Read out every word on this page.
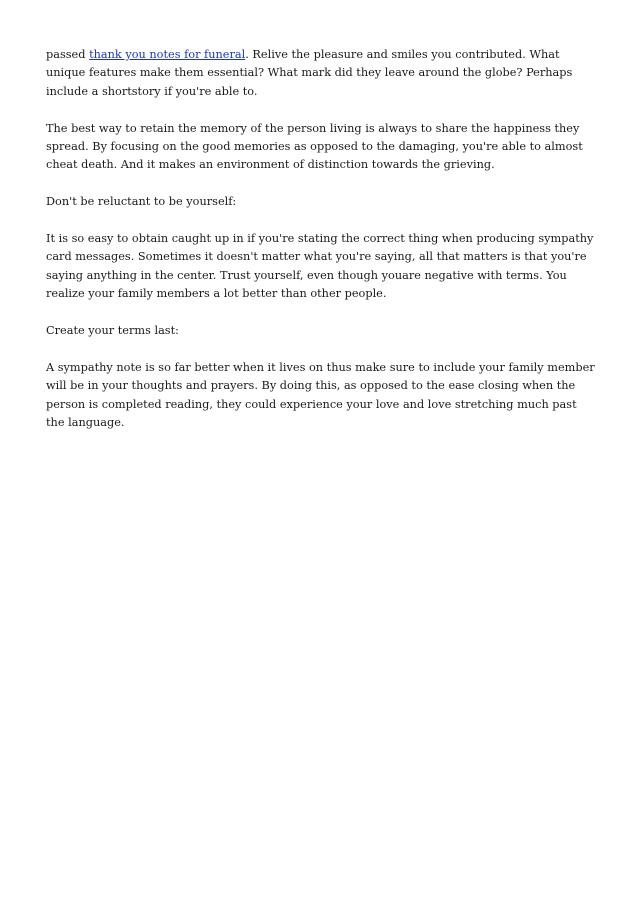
passed thank you notes for funeral. Relive the pleasure and smiles you contributed. What unique features make them essential? What mark did they leave around the globe? Perhaps include a shortstory if you're able to.

The best way to retain the memory of the person living is always to share the happiness they spread. By focusing on the good memories as opposed to the damaging, you're able to almost cheat death. And it makes an environment of distinction towards the grieving.

Don't be reluctant to be yourself:

It is so easy to obtain caught up in if you're stating the correct thing when producing sympathy card messages. Sometimes it doesn't matter what you're saying, all that matters is that you're saying anything in the center. Trust yourself, even though youare negative with terms. You realize your family members a lot better than other people.

Create your terms last:

A sympathy note is so far better when it lives on thus make sure to include your family member will be in your thoughts and prayers. By doing this, as opposed to the ease closing when the person is completed reading, they could experience your love and love stretching much past the language.
